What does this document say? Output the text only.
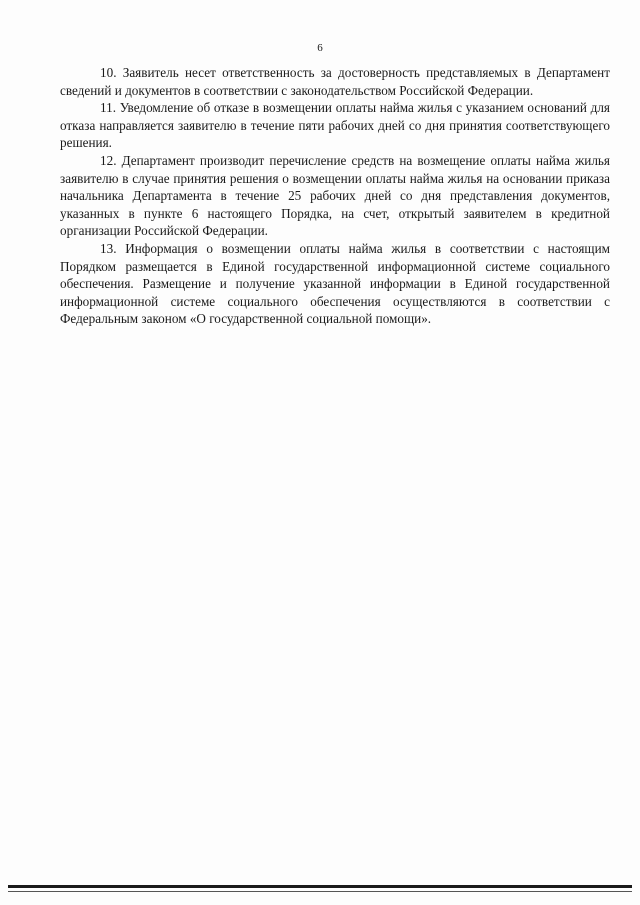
6

10. Заявитель несет ответственность за достоверность представляемых в Департамент сведений и документов в соответствии с законодательством Российской Федерации.

11. Уведомление об отказе в возмещении оплаты найма жилья с указанием оснований для отказа направляется заявителю в течение пяти рабочих дней со дня принятия соответствующего решения.

12. Департамент производит перечисление средств на возмещение оплаты найма жилья заявителю в случае принятия решения о возмещении оплаты найма жилья на основании приказа начальника Департамента в течение 25 рабочих дней со дня представления документов, указанных в пункте 6 настоящего Порядка, на счет, открытый заявителем в кредитной организации Российской Федерации.

13. Информация о возмещении оплаты найма жилья в соответствии с настоящим Порядком размещается в Единой государственной информационной системе социального обеспечения. Размещение и получение указанной информации в Единой государственной информационной системе социального обеспечения осуществляются в соответствии с Федеральным законом «О государственной социальной помощи».
